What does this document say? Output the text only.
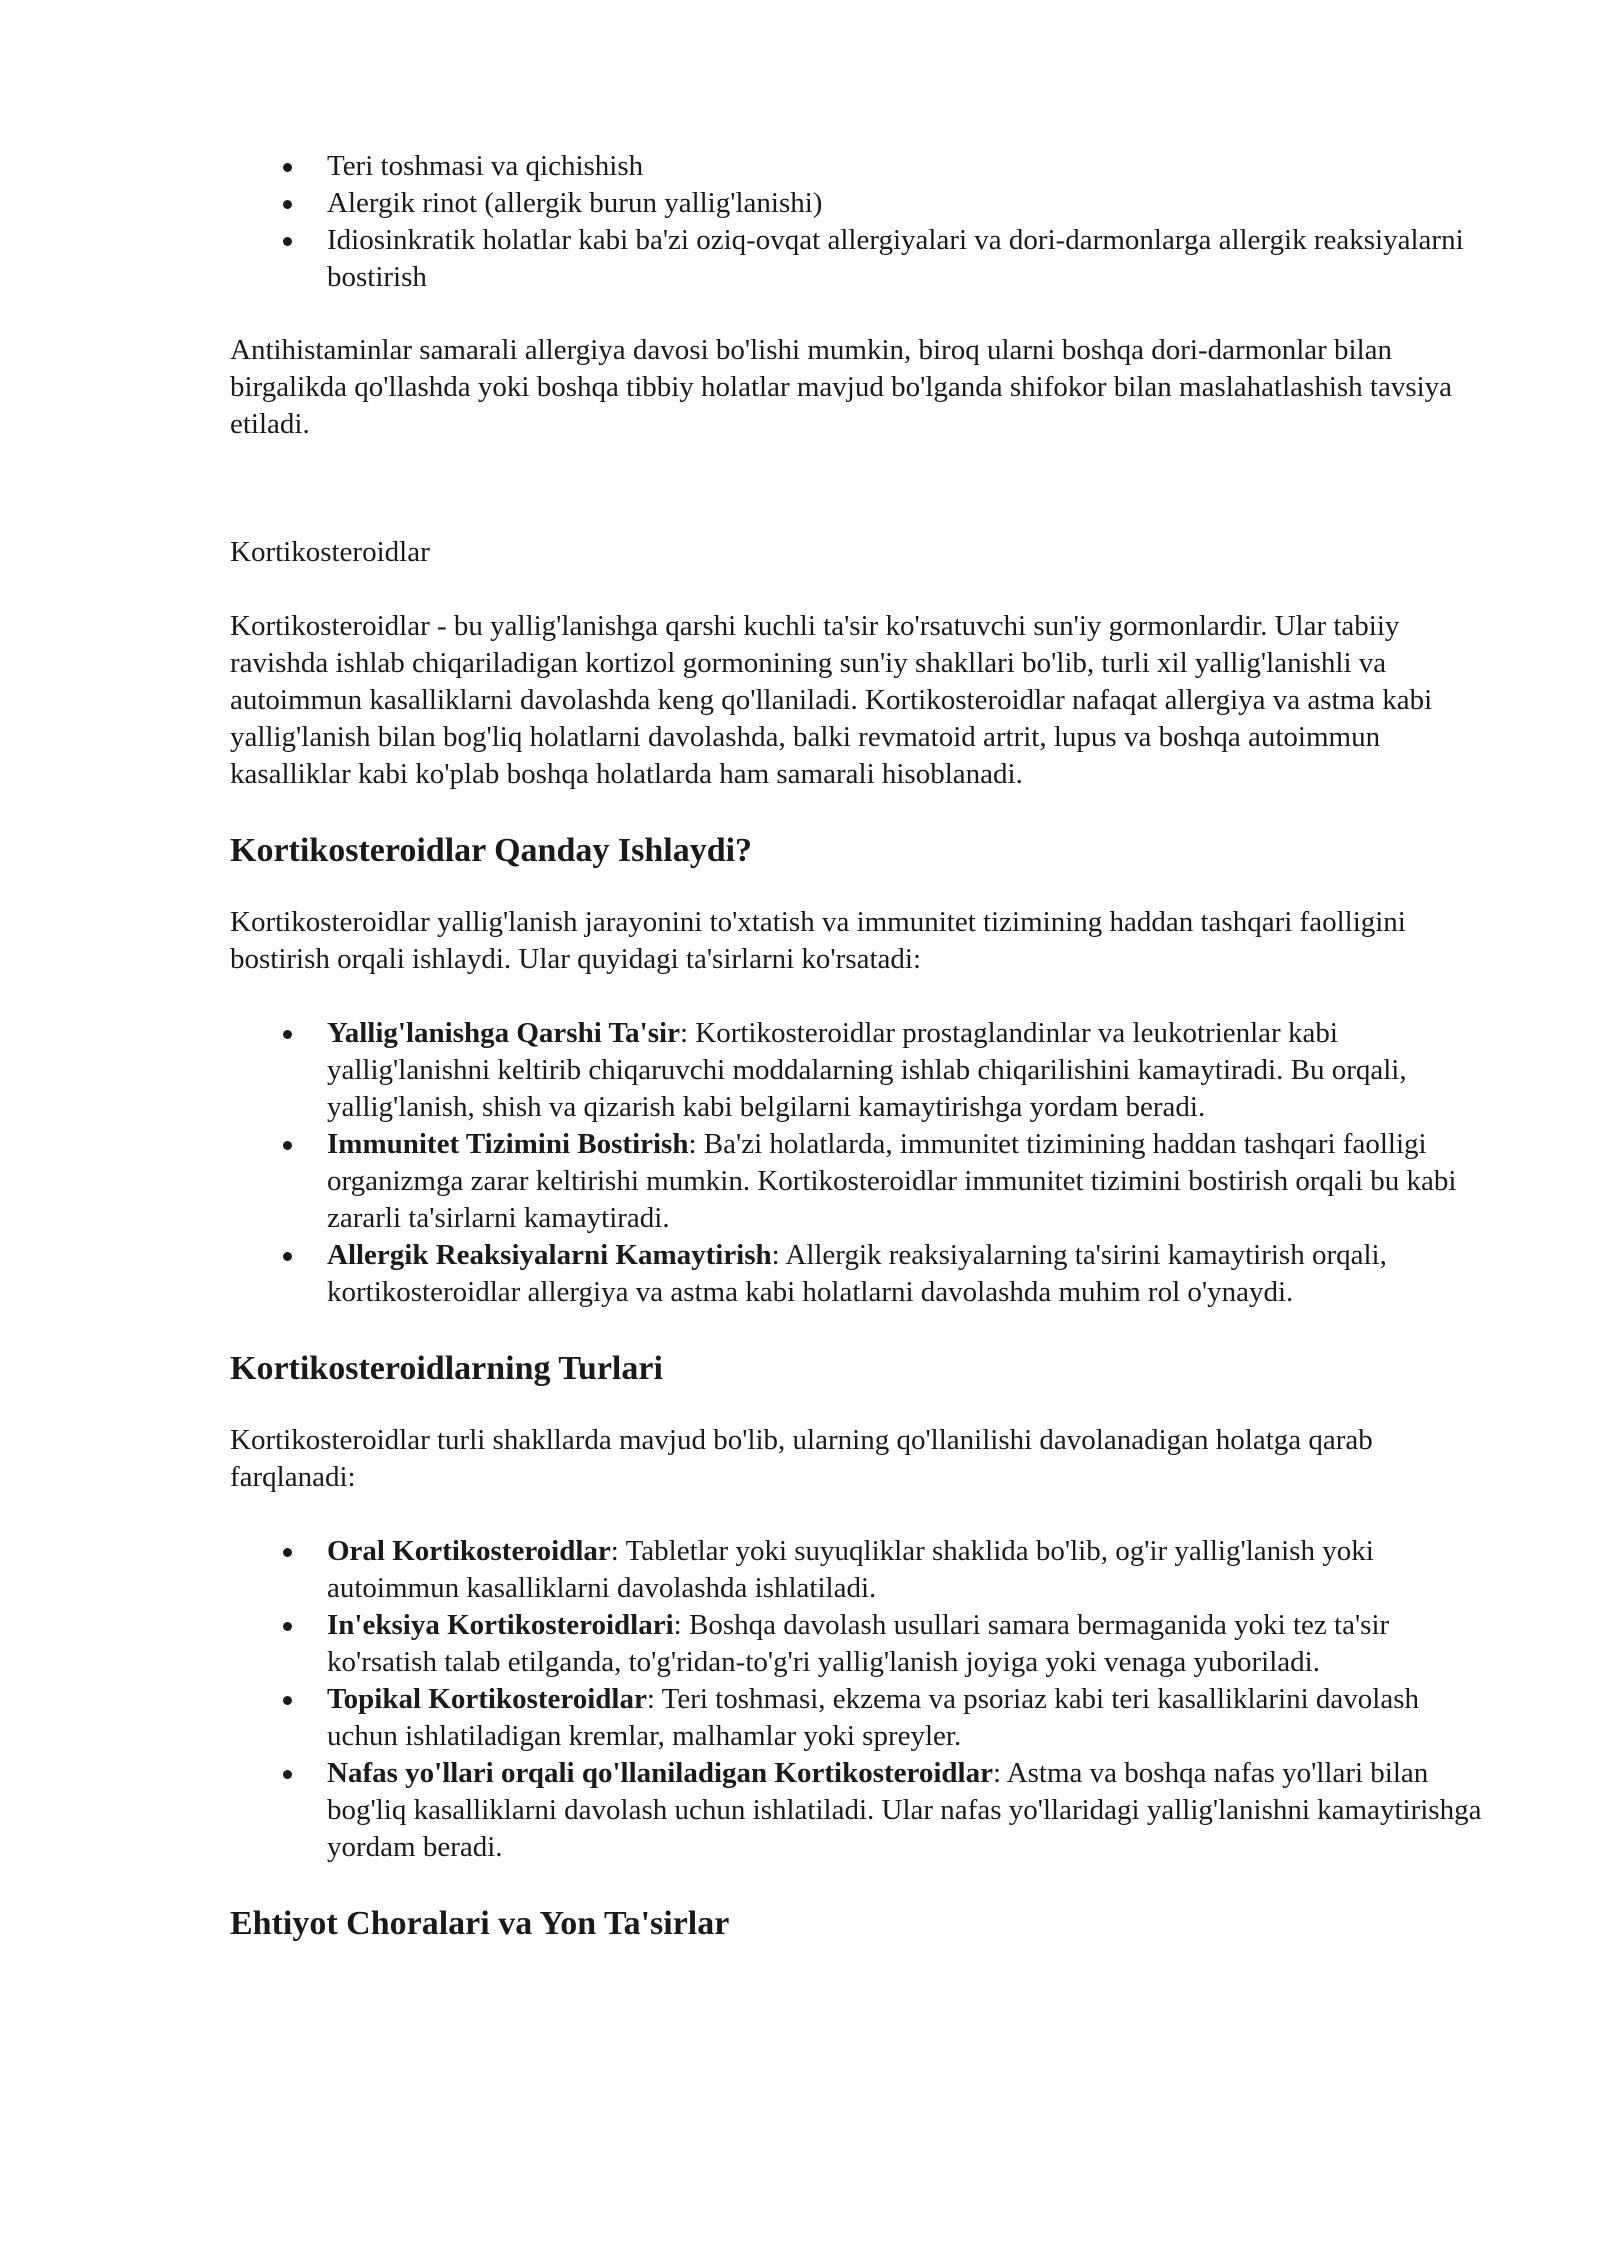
Teri toshmasi va qichishish
Alergik rinot (allergik burun yallig'lanishi)
Idiosinkratik holatlar kabi ba'zi oziq-ovqat allergiyalari va dori-darmonlarga allergik reaksiyalarni bostirish

Antihistaminlar samarali allergiya davosi bo'lishi mumkin, biroq ularni boshqa dori-darmonlar bilan birgalikda qo'llashda yoki boshqa tibbiy holatlar mavjud bo'lganda shifokor bilan maslahatlashish tavsiya etiladi.

Kortikosteroidlar

Kortikosteroidlar - bu yallig'lanishga qarshi kuchli ta'sir ko'rsatuvchi sun'iy gormonlardir. Ular tabiiy ravishda ishlab chiqariladigan kortizol gormonining sun'iy shakllari bo'lib, turli xil yallig'lanishli va autoimmun kasalliklarni davolashda keng qo'llaniladi. Kortikosteroidlar nafaqat allergiya va astma kabi yallig'lanish bilan bog'liq holatlarni davolashda, balki revmatoid artrit, lupus va boshqa autoimmun kasalliklar kabi ko'plab boshqa holatlarda ham samarali hisoblanadi.

Kortikosteroidlar Qanday Ishlaydi?

Kortikosteroidlar yallig'lanish jarayonini to'xtatish va immunitet tizimining haddan tashqari faolligini bostirish orqali ishlaydi. Ular quyidagi ta'sirlarni ko'rsatadi:

Yallig'lanishga Qarshi Ta'sir: Kortikosteroidlar prostaglandinlar va leukotrienlar kabi yallig'lanishni keltirib chiqaruvchi moddalarning ishlab chiqarilishini kamaytiradi. Bu orqali, yallig'lanish, shish va qizarish kabi belgilarni kamaytirishga yordam beradi.
Immunitet Tizimini Bostirish: Ba'zi holatlarda, immunitet tizimining haddan tashqari faolligi organizmga zarar keltirishi mumkin. Kortikosteroidlar immunitet tizimini bostirish orqali bu kabi zararli ta'sirlarni kamaytiradi.
Allergik Reaksiyalarni Kamaytirish: Allergik reaksiyalarning ta'sirini kamaytirish orqali, kortikosteroidlar allergiya va astma kabi holatlarni davolashda muhim rol o'ynaydi.
Kortikosteroidlarning Turlari

Kortikosteroidlar turli shakllarda mavjud bo'lib, ularning qo'llanilishi davolanadigan holatga qarab farqlanadi:

Oral Kortikosteroidlar: Tabletlar yoki suyuqliklar shaklida bo'lib, og'ir yallig'lanish yoki autoimmun kasalliklarni davolashda ishlatiladi.
In'eksiya Kortikosteroidlari: Boshqa davolash usullari samara bermaganida yoki tez ta'sir ko'rsatish talab etilganda, to'g'ridan-to'g'ri yallig'lanish joyiga yoki venaga yuboriladi.
Topikal Kortikosteroidlar: Teri toshmasi, ekzema va psoriaz kabi teri kasalliklarini davolash uchun ishlatiladigan kremlar, malhamlar yoki spreyler.
Nafas yo'llari orqali qo'llaniladigan Kortikosteroidlar: Astma va boshqa nafas yo'llari bilan bog'liq kasalliklarni davolash uchun ishlatiladi. Ular nafas yo'llaridagi yallig'lanishni kamaytirishga yordam beradi.
Ehtiyot Choralari va Yon Ta'sirlar
